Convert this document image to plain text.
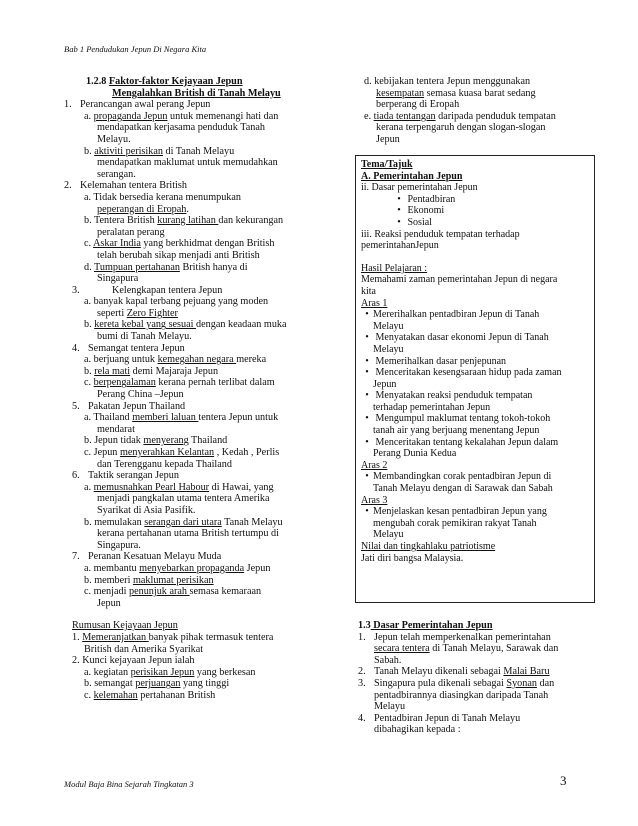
Bab 1 Pendudukan Jepun Di Negara Kita
1.2.8 Faktor-faktor Kejayaan Jepun
Mengalahkan British di Tanah Melayu
1. Perancangan awal perang Jepun
a. propaganda Jepun untuk memenangi hati dan
mendapatkan kerjasama penduduk Tanah
Melayu.
b. aktiviti perisikan di Tanah Melayu
mendapatkan maklumat untuk memudahkan
serangan.
2. Kelemahan tentera British
a. Tidak bersedia kerana menumpukan
peperangan di Eropah.
b. Tentera British kurang latihan dan kekurangan
peralatan perang
c. Askar India yang berkhidmat dengan British
telah berubah sikap menjadi anti British
d. Tumpuan pertahanan British hanya di
Singapura
3.	Kelengkapan tentera Jepun
a. banyak kapal terbang pejuang yang moden
seperti Zero Fighter
b. kereta kebal yang sesuai dengan keadaan muka
bumi di Tanah Melayu.
4. Semangat tentera Jepun
a. berjuang untuk kemegahan negara mereka
b. rela mati demi Majaraja Jepun
c. berpengalaman kerana pernah terlibat dalam
Perang China –Jepun
5. Pakatan Jepun Thailand
a. Thailand memberi laluan tentera Jepun untuk
mendarat
b. Jepun tidak menyerang Thailand
c. Jepun menyerahkan Kelantan , Kedah , Perlis
dan Terengganu kepada Thailand
6. Taktik serangan Jepun
a. memusnahkan Pearl Habour di Hawai, yang
menjadi pangkalan utama tentera Amerika
Syarikat di Asia Pasifik.
b. memulakan serangan dari utara Tanah Melayu
kerana pertahanan utama British tertumpu di
Singapura.
7. Peranan Kesatuan Melayu Muda
a. membantu menyebarkan propaganda Jepun
b. memberi maklumat perisikan
c. menjadi penunjuk arah semasa kemaraan
Jepun
Rumusan Kejayaan Jepun
1. Memeranjatkan banyak pihak termasuk tentera
British dan Amerika Syarikat
2. Kunci kejayaan Jepun ialah
a. kegiatan perisikan Jepun yang berkesan
b. semangat perjuangan yang tinggi
c. kelemahan pertahanan British
d. kebijakan tentera Jepun menggunakan
kesempatan semasa kuasa barat sedang
berperang di Eropah
e. tiada tentangan daripada penduduk tempatan
kerana terpengaruh dengan slogan-slogan
Jepun
Tema/Tajuk
A. Pemerintahan Jepun
ii. Dasar pemerintahan Jepun
• Pentadbiran
• Ekonomi
• Sosial
iii. Reaksi penduduk tempatan terhadap
pemerintahanJepun
Hasil Pelajaran :
Memahami zaman pemerintahan Jepun di negara
kita
Aras 1
• Mererihalkan pentadbiran Jepun di Tanah
Melayu
• Menyatakan dasar ekonomi Jepun di Tanah
Melayu
• Memerihalkan dasar penjepunan
• Menceritakan kesengsaraan hidup pada zaman
Jepun
• Menyatakan reaksi penduduk tempatan
terhadap pemerintahan Jepun
• Mengumpul maklumat tentang tokoh-tokoh
tanah air yang berjuang menentang Jepun
• Menceritakan tentang kekalahan Jepun dalam
Perang Dunia Kedua
Aras 2
• Membandingkan corak pentadbiran Jepun di
Tanah Melayu dengan di Sarawak dan Sabah
Aras 3
• Menjelaskan kesan pentadbiran Jepun yang
mengubah corak pemikiran rakyat Tanah
Melayu
Nilai dan tingkahlaku patriotisme
Jati diri bangsa Malaysia.
1.3 Dasar Pemerintahan Jepun
1. Jepun telah memperkenalkan pemerintahan
secara tentera di Tanah Melayu, Sarawak dan
Sabah.
2. Tanah Melayu dikenali sebagai Malai Baru
3. Singapura pula dikenali sebagai Syonan dan
pentadbirannya diasingkan daripada Tanah
Melayu
4. Pentadbiran Jepun di Tanah Melayu
dibahagikan kepada :
Modul Baja Bina Sejarah Tingkatan 3	3
